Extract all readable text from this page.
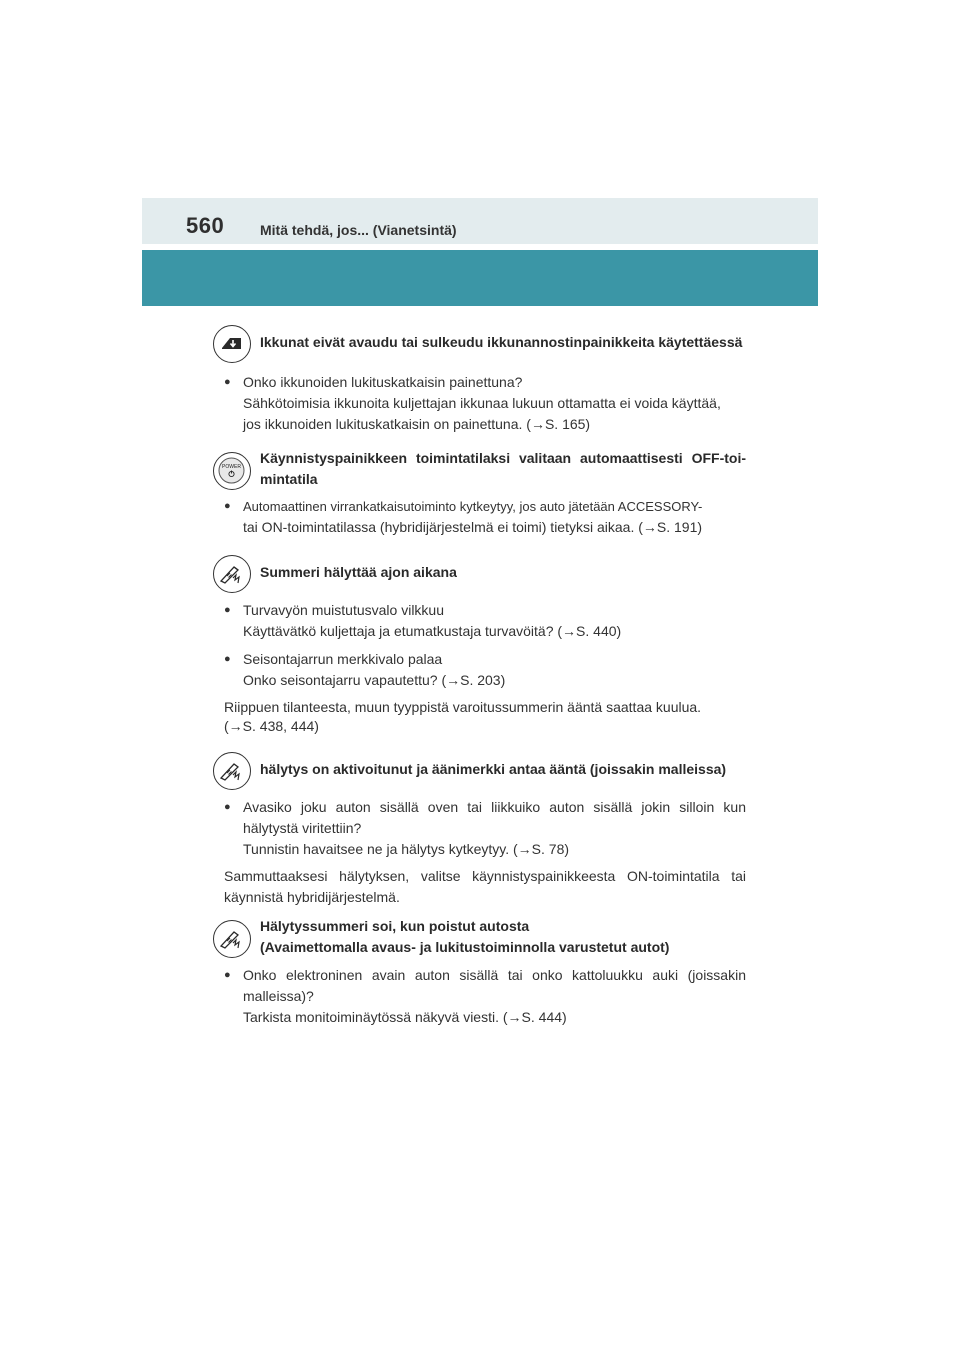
560	Mitä tehdä, jos... (Vianetsintä)
Ikkunat eivät avaudu tai sulkeudu ikkunannostinpainikkeita käytettäessä
● Onko ikkunoiden lukituskatkaisin painettuna?
Sähkötoimisia ikkunoita kuljettajan ikkunaa lukuun ottamatta ei voida käyttää,
jos ikkunoiden lukituskatkaisin on painettuna. (→S. 165)
POWER
Käynnistyspainikkeen toimintatilaksi valitaan automaattisesti OFF-toi-
mintatila
● Automaattinen virrankatkaisutoiminto kytkeytyy, jos auto jätetään ACCESSORY-
tai ON-toimintatilassa (hybridijärjestelmä ei toimi) tietyksi aikaa. (→S. 191)
Summeri hälyttää ajon aikana
● Turvavyön muistutusvalo vilkkuu
Käyttävätkö kuljettaja ja etumatkustaja turvavöitä? (→S. 440)
● Seisontajarrun merkkivalo palaa
Onko seisontajarru vapautettu? (→S. 203)
Riippuen tilanteesta, muun tyyppistä varoitussummerin ääntä saattaa kuulua.
(→S. 438, 444)
hälytys on aktivoitunut ja äänimerkki antaa ääntä (joissakin malleissa)
● Avasiko joku auton sisällä oven tai liikkuiko auton sisällä jokin silloin kun
hälytystä viritettiin?
Tunnistin havaitsee ne ja hälytys kytkeytyy. (→S. 78)
Sammuttaaksesi hälytyksen, valitse käynnistyspainikkeesta ON-toimintatila tai
käynnistä hybridijärjestelmä.
Hälytyssummeri soi, kun poistut autosta
(Avaimettomalla avaus- ja lukitustoiminnolla varustetut autot)
● Onko elektroninen avain auton sisällä tai onko kattoluukku auki (joissakin
malleissa)?
Tarkista monitoiminäytössä näkyvä viesti. (→S. 444)
